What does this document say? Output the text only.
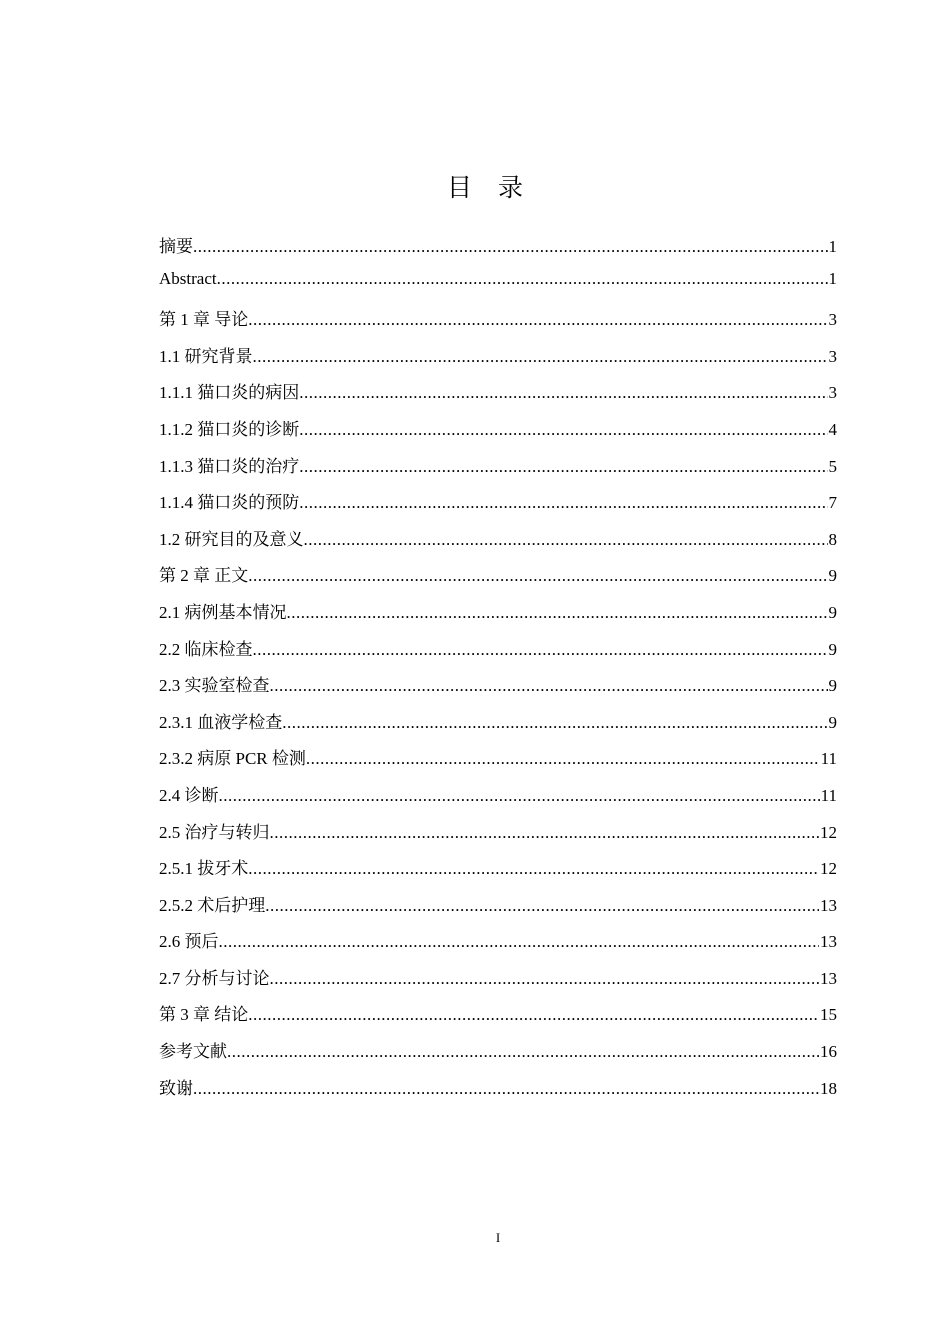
目录
摘要 .....	1
Abstract .....	1
第 1 章 导论 .....	3
1.1 研究背景 .....	3
1.1.1 猫口炎的病因 .....	3
1.1.2 猫口炎的诊断 .....	4
1.1.3 猫口炎的治疗 .....	5
1.1.4 猫口炎的预防 .....	7
1.2 研究目的及意义 .....	8
第 2 章 正文 .....	9
2.1 病例基本情况 .....	9
2.2 临床检查 .....	9
2.3 实验室检查 .....	9
2.3.1 血液学检查 .....	9
2.3.2 病原 PCR 检测 .....	11
2.4 诊断 .....	11
2.5 治疗与转归 .....	12
2.5.1 拔牙术 .....	12
2.5.2 术后护理 .....	13
2.6 预后 .....	13
2.7 分析与讨论 .....	13
第 3 章 结论 .....	15
参考文献 .....	16
致谢 .....	18
I
